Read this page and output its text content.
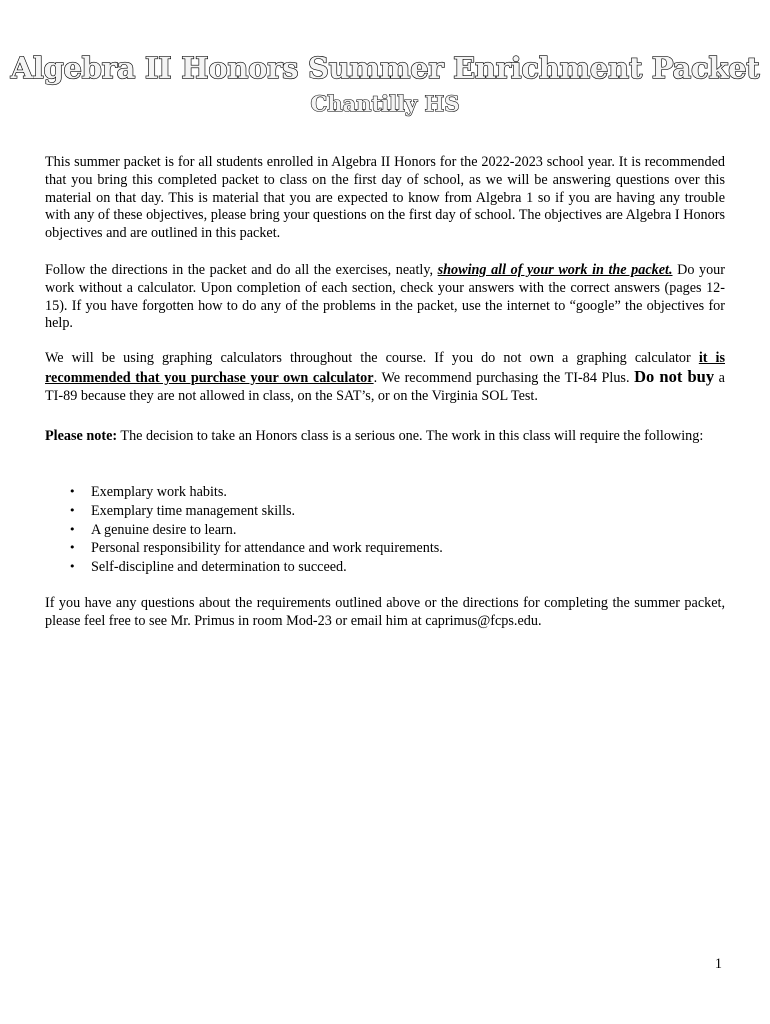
Algebra II Honors Summer Enrichment Packet
Chantilly HS

This summer packet is for all students enrolled in Algebra II Honors for the 2022-2023 school year. It is recommended that you bring this completed packet to class on the first day of school, as we will be answering questions over this material on that day. This is material that you are expected to know from Algebra 1 so if you are having any trouble with any of these objectives, please bring your questions on the first day of school. The objectives are Algebra I Honors objectives and are outlined in this packet.

Follow the directions in the packet and do all the exercises, neatly, showing all of your work in the packet. Do your work without a calculator. Upon completion of each section, check your answers with the correct answers (pages 12-15). If you have forgotten how to do any of the problems in the packet, use the internet to “google” the objectives for help.

We will be using graphing calculators throughout the course. If you do not own a graphing calculator it is recommended that you purchase your own calculator. We recommend purchasing the TI-84 Plus. Do not buy a TI-89 because they are not allowed in class, on the SAT’s, or on the Virginia SOL Test.

Please note: The decision to take an Honors class is a serious one. The work in this class will require the following:

• Exemplary work habits.
• Exemplary time management skills.
• A genuine desire to learn.
• Personal responsibility for attendance and work requirements.
• Self-discipline and determination to succeed.

If you have any questions about the requirements outlined above or the directions for completing the summer packet, please feel free to see Mr. Primus in room Mod-23 or email him at caprimus@fcps.edu.

1
